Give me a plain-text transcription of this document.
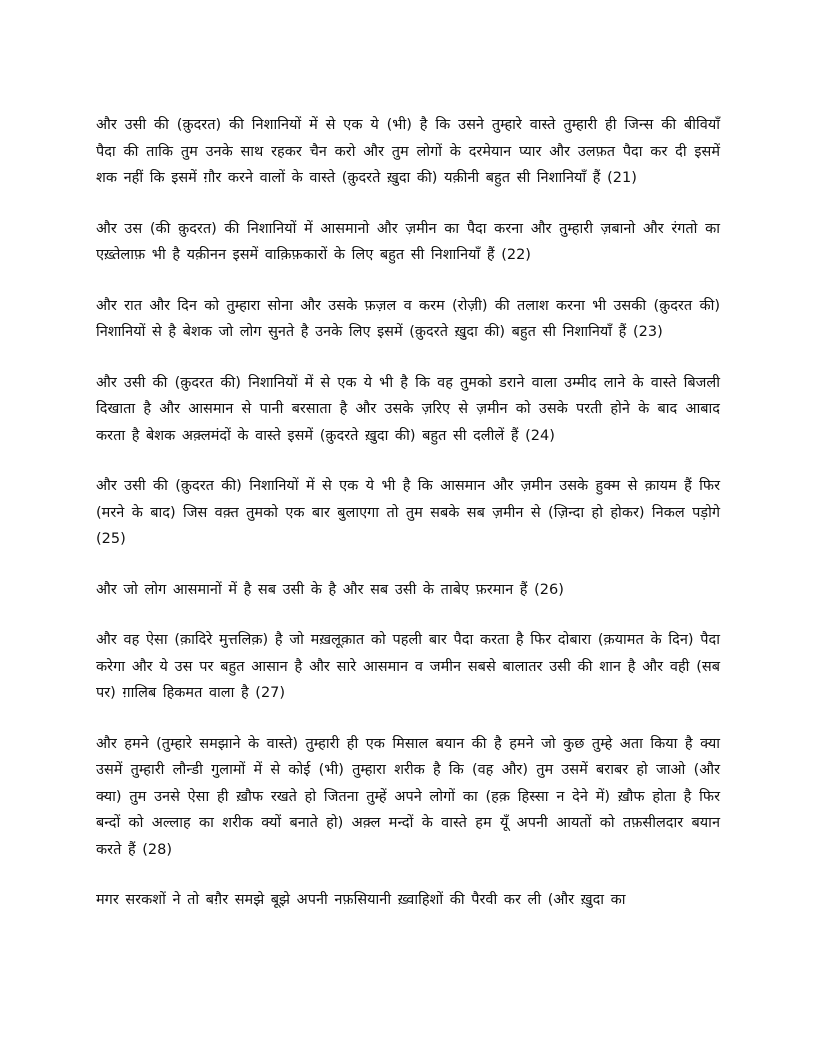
और उसी की (क़ुदरत) की निशानियों में से एक ये (भी) है कि उसने तुम्हारे वास्ते तुम्हारी ही जिन्स की बीवियाँ पैदा की ताकि तुम उनके साथ रहकर चैन करो और तुम लोगों के दरमेयान प्यार और उलफ़त पैदा कर दी इसमें शक नहीं कि इसमें ग़ौर करने वालों के वास्ते (क़ुदरते ख़ुदा की) यक़ीनी बहुत सी निशानियाँ हैं (21)

और उस (की क़ुदरत) की निशानियों में आसमानो और ज़मीन का पैदा करना और तुम्हारी ज़बानो और रंगतो का एख़्तेलाफ़ भी है यक़ीनन इसमें वाक़िफ़कारों के लिए बहुत सी निशानियाँ हैं (22)

और रात और दिन को तुम्हारा सोना और उसके फ़ज़ल व करम (रोज़ी) की तलाश करना भी उसकी (क़ुदरत की) निशानियों से है बेशक जो लोग सुनते है उनके लिए इसमें (क़ुदरते ख़ुदा की) बहुत सी निशानियाँ हैं (23)

और उसी की (क़ुदरत की) निशानियों में से एक ये भी है कि वह तुमको डराने वाला उम्मीद लाने के वास्ते बिजली दिखाता है और आसमान से पानी बरसाता है और उसके ज़रिए से ज़मीन को उसके परती होने के बाद आबाद करता है बेशक अक़्लमंदों के वास्ते इसमें (क़ुदरते ख़ुदा की) बहुत सी दलीलें हैं (24)

और उसी की (क़ुदरत की) निशानियों में से एक ये भी है कि आसमान और ज़मीन उसके हुक्म से क़ायम हैं फिर (मरने के बाद) जिस वक़्त तुमको एक बार बुलाएगा तो तुम सबके सब ज़मीन से (ज़िन्दा हो होकर) निकल पड़ोगे (25)

और जो लोग आसमानों में है सब उसी के है और सब उसी के ताबेए फ़रमान हैं (26)

और वह ऐसा (क़ादिरे मुत्तलिक़) है जो मख़लूक़ात को पहली बार पैदा करता है फिर दोबारा (क़यामत के दिन) पैदा करेगा और ये उस पर बहुत आसान है और सारे आसमान व जमीन सबसे बालातर उसी की शान है और वही (सब पर) ग़ालिब हिकमत वाला है (27)

और हमने (तुम्हारे समझाने के वास्ते) तुम्हारी ही एक मिसाल बयान की है हमने जो कुछ तुम्हे अता किया है क्या उसमें तुम्हारी लौन्डी गुलामों में से कोई (भी) तुम्हारा शरीक है कि (वह और) तुम उसमें बराबर हो जाओ (और क्या) तुम उनसे ऐसा ही ख़ौफ रखते हो जितना तुम्हें अपने लोगों का (हक़ हिस्सा न देने में) ख़ौफ होता है फिर बन्दों को अल्लाह का शरीक क्यों बनाते हो) अक़्ल मन्दों के वास्ते हम यूँ अपनी आयतों को तफ़सीलदार बयान करते हैं (28)

मगर सरकशों ने तो बग़ैर समझे बूझे अपनी नफ़सियानी ख़्वाहिशों की पैरवी कर ली (और ख़ुदा का
